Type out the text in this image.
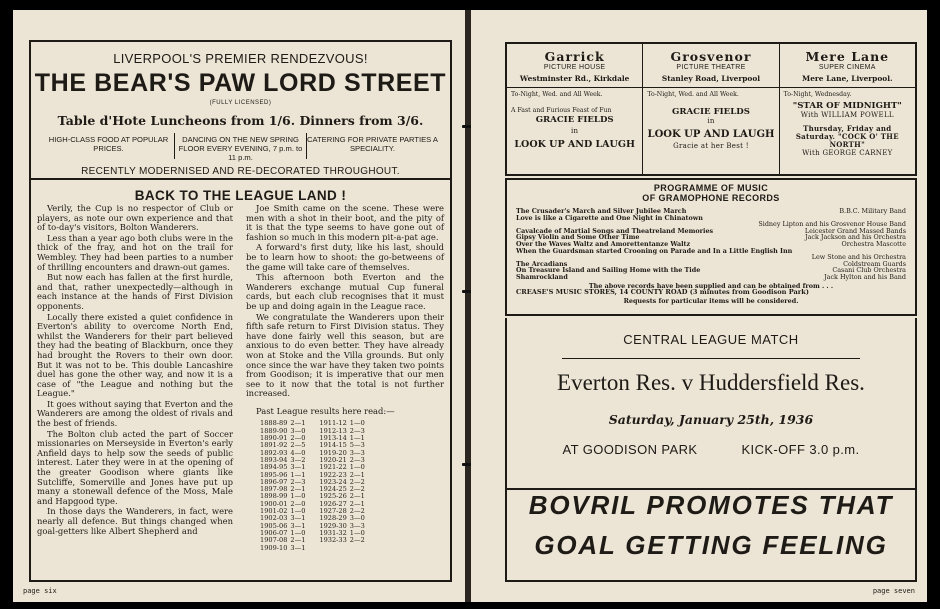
LIVERPOOL'S PREMIER RENDEZVOUS!
THE BEAR'S PAW LORD STREET
(FULLY LICENSED)
Table d'Hote Luncheons from 1/6. Dinners from 3/6.
HIGH-CLASS FOOD AT POPULAR PRICES.
DANCING ON THE NEW SPRING FLOOR EVERY EVENING, 7 p.m. to 11 p.m.
CATERING FOR PRIVATE PARTIES A SPECIALITY.
RECENTLY MODERNISED AND RE-DECORATED THROUGHOUT.
BACK TO THE LEAGUE LAND !

Verily, the Cup is no respector of Club or players, as note our own experience and that of to-day's visitors, Bolton Wanderers.

Less than a year ago both clubs were in the thick of the fray, and hot on the trail for Wembley. They had been parties to a number of thrilling encounters and drawn-out games.

But now each has fallen at the first hurdle, and that, rather unexpectedly—although in each instance at the hands of First Division opponents.

Locally there existed a quiet confidence in Everton's ability to overcome North End, whilst the Wanderers for their part believed they had the beating of Blackburn, once they had brought the Rovers to their own door. But it was not to be. This double Lancashire duel has gone the other way, and now it is a case of "the League and nothing but the League."

It goes without saying that Everton and the Wanderers are among the oldest of rivals and the best of friends.

The Bolton club acted the part of Soccer missionaries on Merseyside in Everton's early Anfield days to help sow the seeds of public interest. Later they were in at the opening of the greater Goodison where giants like Sutcliffe, Somerville and Jones have put up many a stonewall defence of the Moss, Male and Hapgood type.

In those days the Wanderers, in fact, were nearly all defence. But things changed when goal-getters like Albert Shepherd and

Joe Smith came on the scene. These were men with a shot in their boot, and the pity of it is that the type seems to have gone out of fashion so much in this modern pit-a-pat age.

A forward's first duty, like his last, should be to learn how to shoot: the go-betweens of the game will take care of themselves.

This afternoon both Everton and the Wanderers exchange mutual Cup funeral cards, but each club recognises that it must be up and doing again in the League race.

We congratulate the Wanderers upon their fifth safe return to First Division status. They have done fairly well this season, but are anxious to do even better. They have already won at Stoke and the Villa grounds. But only once since the war have they taken two points from Goodison; it is imperative that our men see to it now that the total is not further increased.

Past League results here read:—
1888-89	2—1	1911-12	1—0
1889-90	3—0	1912-13	2—3
1890-91	2—0	1913-14	1—1
1891-92	2—5	1914-15	5—3
1892-93	4—0	1919-20	3—3
1893-94	3—2	1920-21	2—3
1894-95	3—1	1921-22	1—0
1895-96	1—1	1922-23	2—1
1896-97	2—3	1923-24	2—2
1897-98	2—1	1924-25	2—2
1898-99	1—0	1925-26	2—1
1900-01	2—0	1926-27	2—1
1901-02	1—0	1927-28	2—2
1902-03	3—1	1928-29	3—0
1905-06	3—1	1929-30	3—3
1906-07	1—0	1931-32	1—0
1907-08	2—1	1932-33	2—2
1909-10	3—1		
page six
Garrick
PICTURE HOUSE
Westminster Rd., Kirkdale
To-Night, Wed. and All Week.
A Fast and Furious Feast of Fun
GRACIE FIELDS
in
LOOK UP AND LAUGH
Grosvenor
PICTURE THEATRE
Stanley Road, Liverpool
To-Night, Wed. and All Week.
GRACIE FIELDS
in
LOOK UP AND LAUGH
Gracie at her Best !
Mere Lane
SUPER CINEMA
Mere Lane, Liverpool.
To-Night, Wednesday.
"STAR OF MIDNIGHT"
With WILLIAM POWELL
Thursday, Friday and Saturday. "COCK O' THE NORTH"
With GEORGE CARNEY
PROGRAMME OF MUSIC
OF GRAMOPHONE RECORDS
The Crusader's March and Silver Jubilee March	B.B.C. Military Band
Love is like a Cigarette and One Night in Chinatown
Sidney Lipton and his Grosvenor House Band
Cavalcade of Martial Songs and Theatreland Memories	Leicester Grand Massed Bands
Gipsy Violin and Some Other Time	Jack Jackson and his Orchestra
Over the Waves Waltz and Amorettentanze Waltz	Orchestra Mascotte
When the Guardsman started Crooning on Parade and In a Little English Inn
Lew Stone and his Orchestra
The Arcadians	Coldstream Guards
On Treasure Island and Sailing Home with the Tide	Casani Club Orchestra
Shamrockland	Jack Hylton and his Band
The above records have been supplied and can be obtained from . . .
CREASE'S MUSIC STORES, 14 COUNTY ROAD (3 minutes from Goodison Park)
Requests for particular items will be considered.
CENTRAL LEAGUE MATCH
Everton Res. v Huddersfield Res.
Saturday, January 25th, 1936
AT GOODISON PARK	KICK-OFF 3.0 p.m.
BOVRIL PROMOTES THAT
GOAL GETTING FEELING
page seven
